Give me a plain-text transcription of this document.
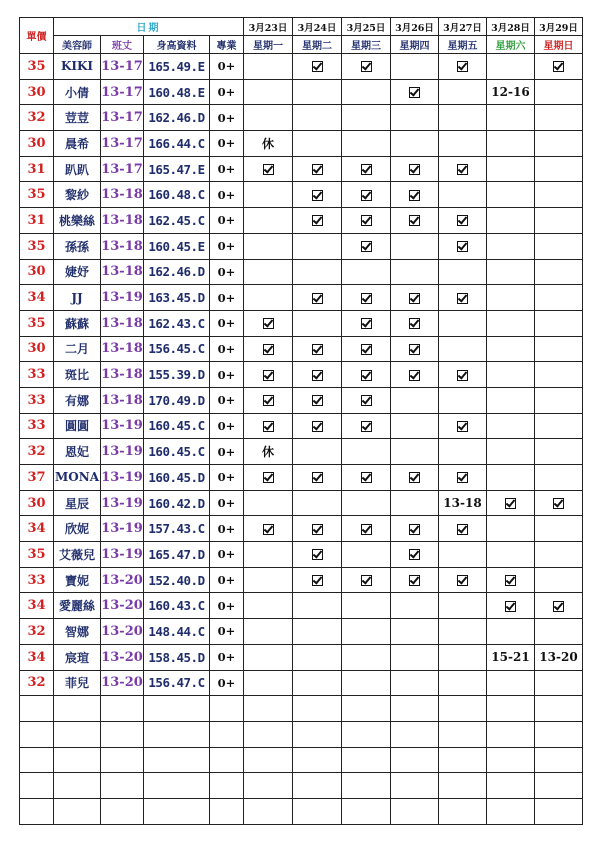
單價	日期				3月23日	3月24日	3月25日	3月26日	3月27日	3月28日	3月29日
	美容師	班丈	身高資料	專業	星期一	星期二	星期三	星期四	星期五	星期六	星期日
35	KIKI	13-17	165.49.E	0+							
30	小倩	13-17	160.48.E	0+						12-16	
32	荳荳	13-17	162.46.D	0+							
30	晨希	13-17	166.44.C	0+	休						
31	趴趴	13-17	165.47.E	0+							
35	黎紗	13-18	160.48.C	0+							
31	桃樂絲	13-18	162.45.C	0+							
35	孫孫	13-18	160.45.E	0+							
30	婕妤	13-18	162.46.D	0+							
34	JJ	13-19	163.45.D	0+							
35	蘇蘇	13-18	162.43.C	0+							
30	二月	13-18	156.45.C	0+							
33	斑比	13-18	155.39.D	0+							
33	有娜	13-18	170.49.D	0+							
33	圓圓	13-19	160.45.C	0+							
32	恩妃	13-19	160.45.C	0+	休						
37	MONA	13-19	160.45.D	0+							
30	星辰	13-19	160.42.D	0+					13-18		
34	欣妮	13-19	157.43.C	0+							
35	艾薇兒	13-19	165.47.D	0+							
33	寶妮	13-20	152.40.D	0+							
34	愛麗絲	13-20	160.43.C	0+							
32	智娜	13-20	148.44.C	0+							
34	宸瑄	13-20	158.45.D	0+						15-21	13-20
32	菲兒	13-20	156.47.C	0+							
